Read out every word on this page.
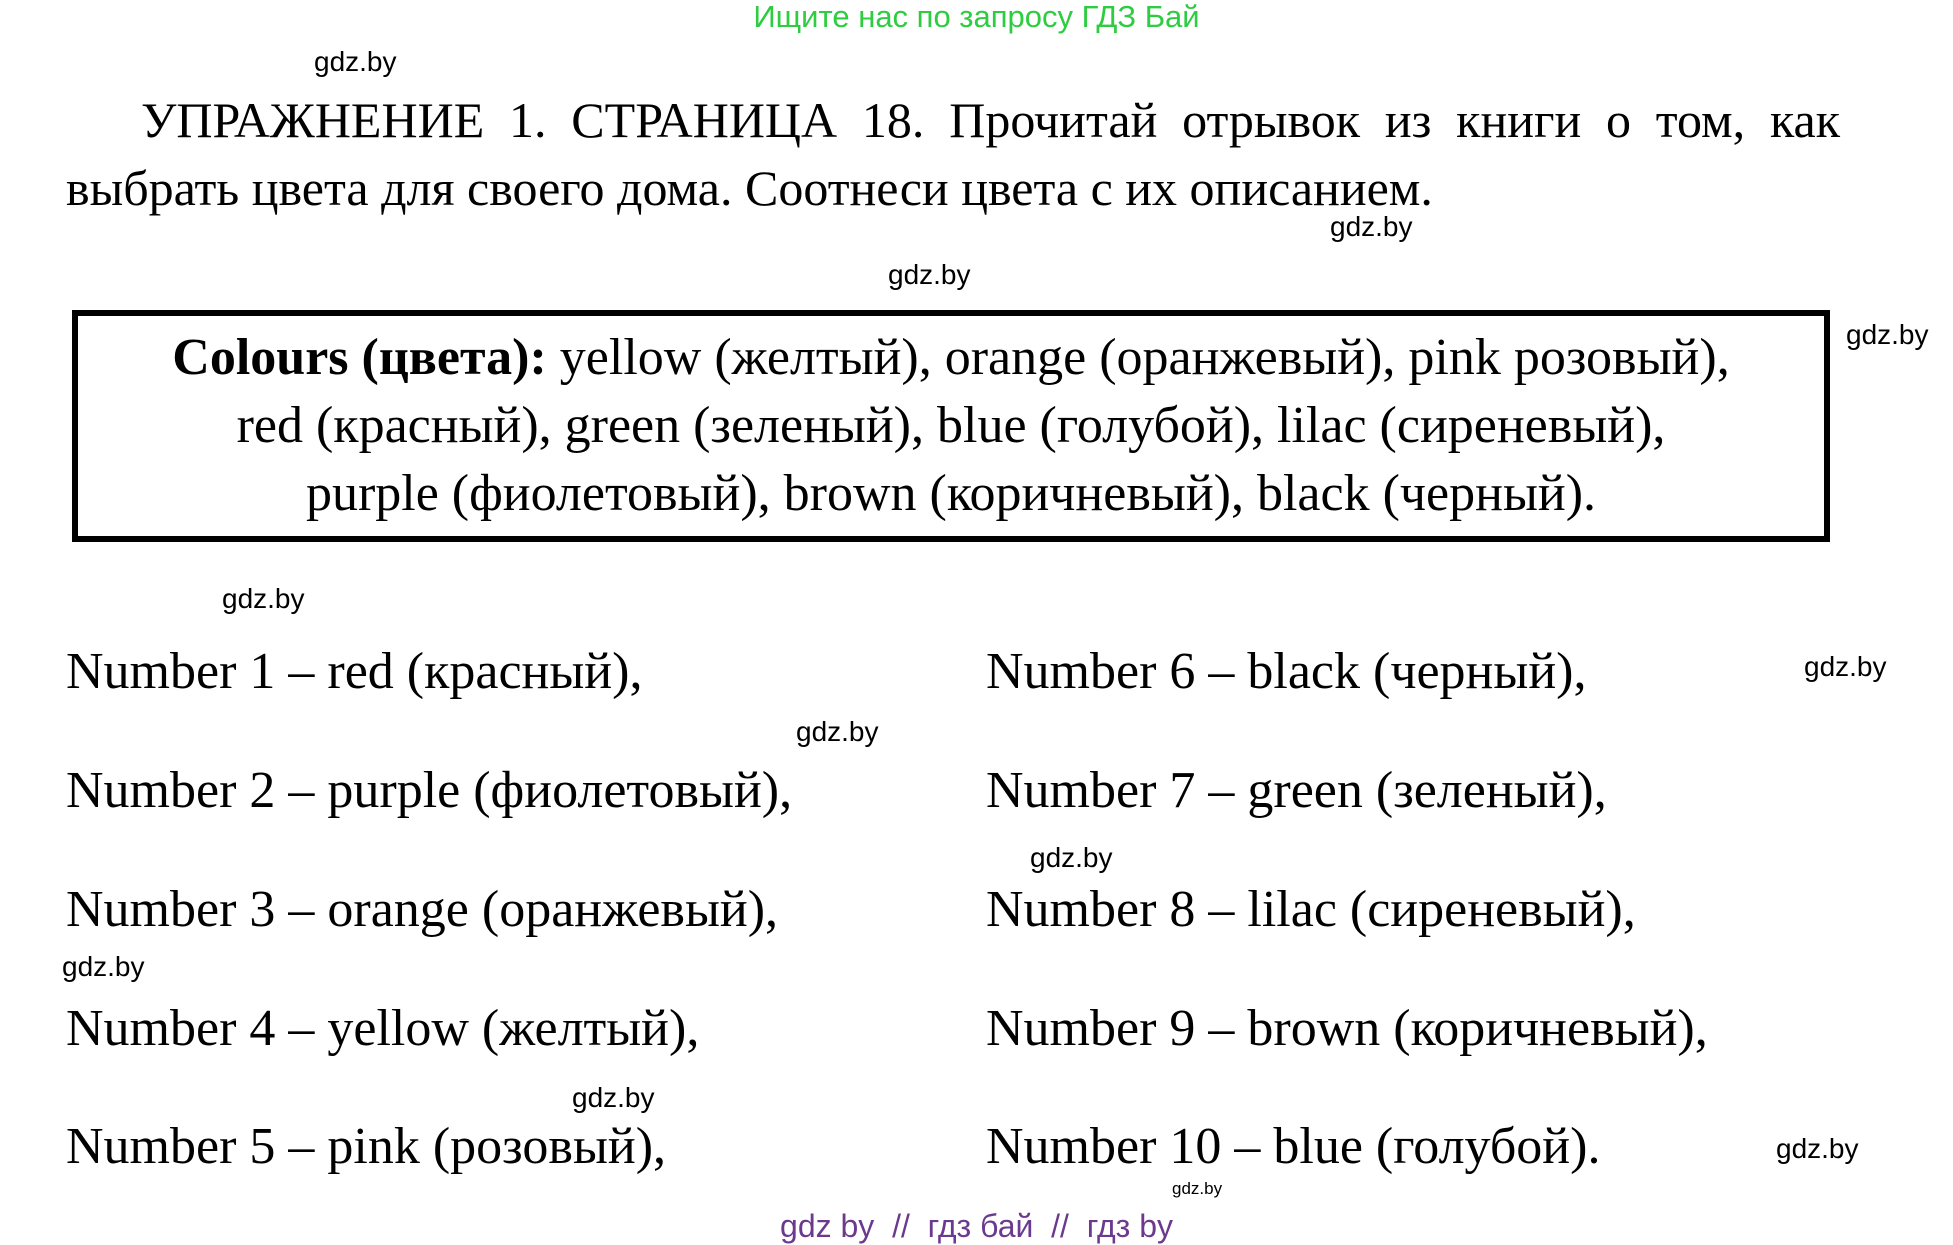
Ищите нас по запросу ГДЗ Бай
УПРАЖНЕНИЕ 1. СТРАНИЦА 18. Прочитай отрывок из книги о том, как выбрать цвета для своего дома. Соотнеси цвета с их описанием.
Colours (цвета): yellow (желтый), orange (оранжевый), pink розовый),
red (красный), green (зеленый), blue (голубой), lilac (сиреневый),
purple (фиолетовый), brown (коричневый), black (черный).
Number 1 – red (красный),
Number 2 – purple (фиолетовый),
Number 3 – orange (оранжевый),
Number 4 – yellow (желтый),
Number 5 – pink (розовый),
Number 6 – black (черный),
Number 7 – green (зеленый),
Number 8 – lilac (сиреневый),
Number 9 – brown (коричневый),
Number 10 – blue (голубой).
gdz.by
gdz.by
gdz.by
gdz.by
gdz.by
gdz.by
gdz.by
gdz.by
gdz.by
gdz.by
gdz.by
gdz.by
gdz by  //  гдз бай  //  гдз by
